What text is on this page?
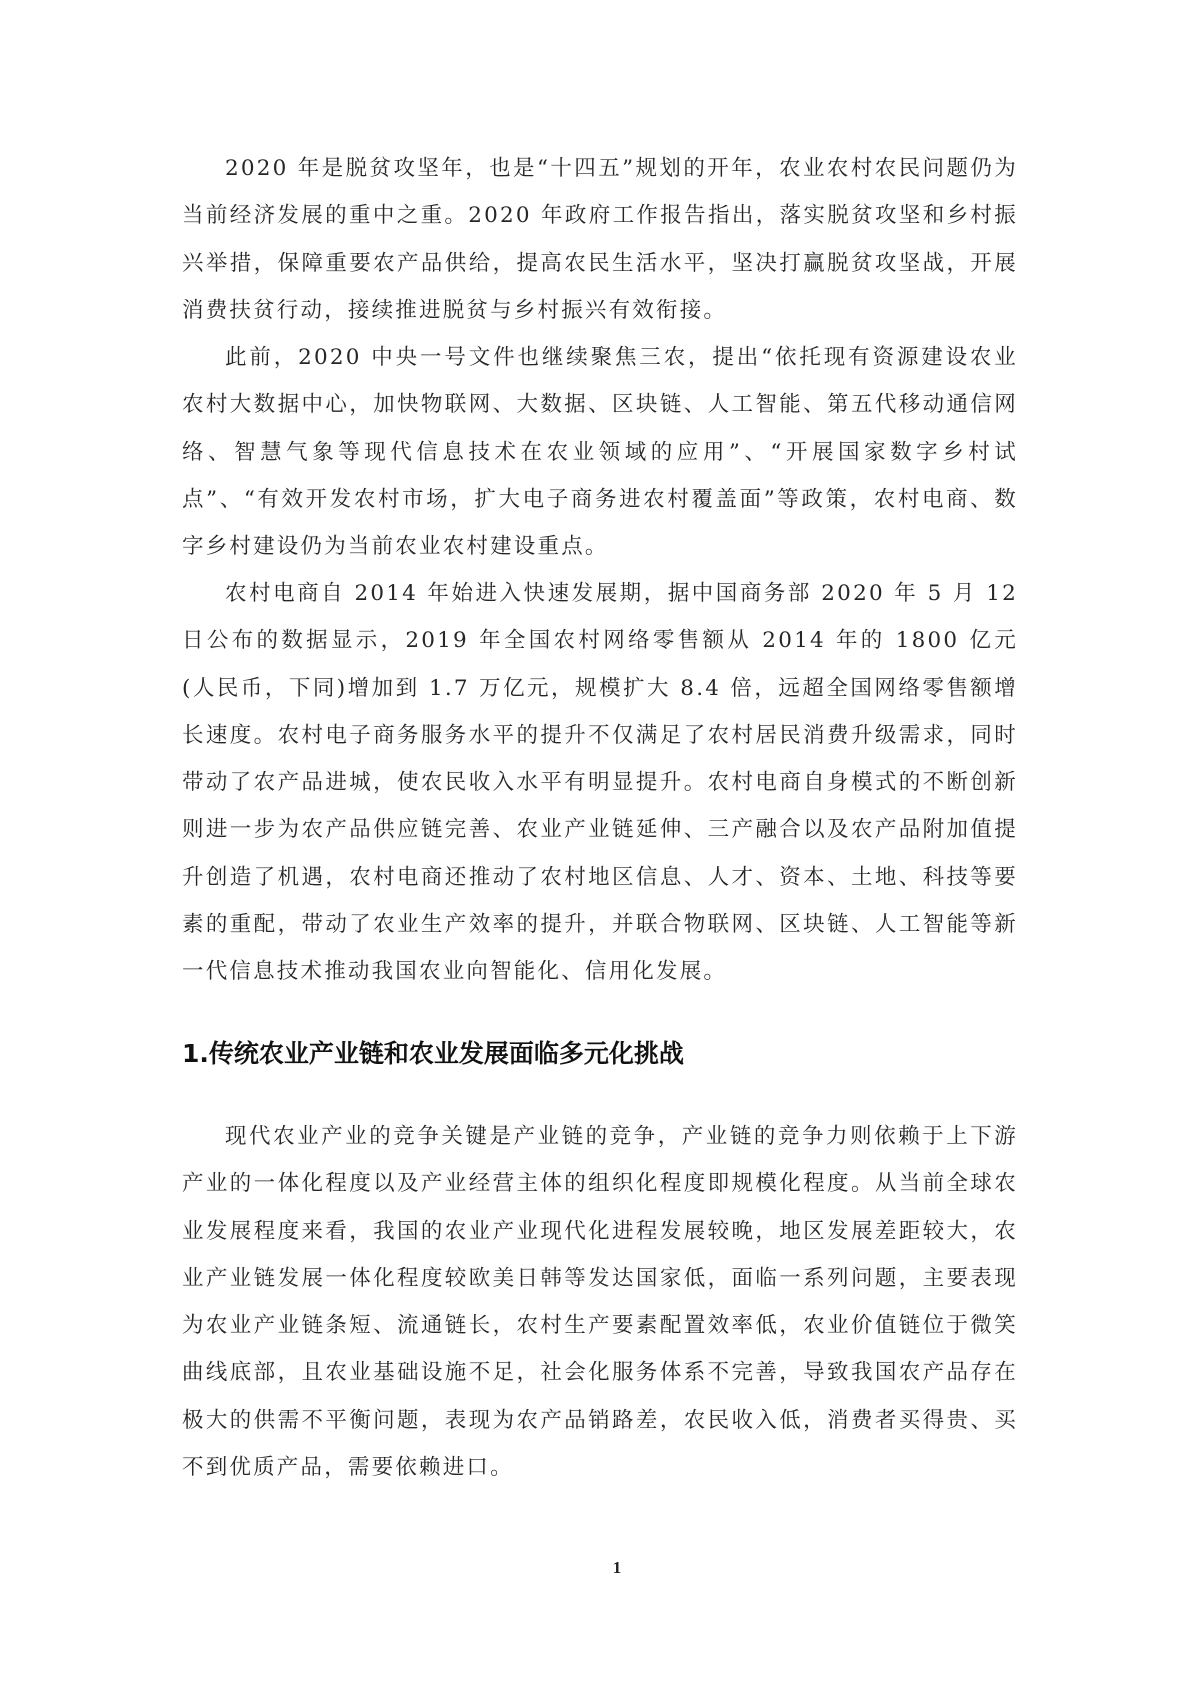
2020 年是脱贫攻坚年，也是“十四五”规划的开年，农业农村农民问题仍为当前经济发展的重中之重。2020 年政府工作报告指出，落实脱贫攻坚和乡村振兴举措，保障重要农产品供给，提高农民生活水平，坚决打赢脱贫攻坚战，开展消费扶贫行动，接续推进脱贫与乡村振兴有效衔接。

此前，2020 中央一号文件也继续聚焦三农，提出“依托现有资源建设农业农村大数据中心，加快物联网、大数据、区块链、人工智能、第五代移动通信网络、智慧气象等现代信息技术在农业领域的应用”、“开展国家数字乡村试点”、“有效开发农村市场，扩大电子商务进农村覆盖面”等政策，农村电商、数字乡村建设仍为当前农业农村建设重点。

农村电商自 2014 年始进入快速发展期，据中国商务部 2020 年 5 月 12 日公布的数据显示，2019 年全国农村网络零售额从 2014 年的 1800 亿元(人民币，下同)增加到 1.7 万亿元，规模扩大 8.4 倍，远超全国网络零售额增长速度。农村电子商务服务水平的提升不仅满足了农村居民消费升级需求，同时带动了农产品进城，使农民收入水平有明显提升。农村电商自身模式的不断创新则进一步为农产品供应链完善、农业产业链延伸、三产融合以及农产品附加值提升创造了机遇，农村电商还推动了农村地区信息、人才、资本、土地、科技等要素的重配，带动了农业生产效率的提升，并联合物联网、区块链、人工智能等新一代信息技术推动我国农业向智能化、信用化发展。

1.传统农业产业链和农业发展面临多元化挑战

现代农业产业的竞争关键是产业链的竞争，产业链的竞争力则依赖于上下游产业的一体化程度以及产业经营主体的组织化程度即规模化程度。从当前全球农业发展程度来看，我国的农业产业现代化进程发展较晚，地区发展差距较大，农业产业链发展一体化程度较欧美日韩等发达国家低，面临一系列问题，主要表现为农业产业链条短、流通链长，农村生产要素配置效率低，农业价值链位于微笑曲线底部，且农业基础设施不足，社会化服务体系不完善，导致我国农产品存在极大的供需不平衡问题，表现为农产品销路差，农民收入低，消费者买得贵、买不到优质产品，需要依赖进口。

1
